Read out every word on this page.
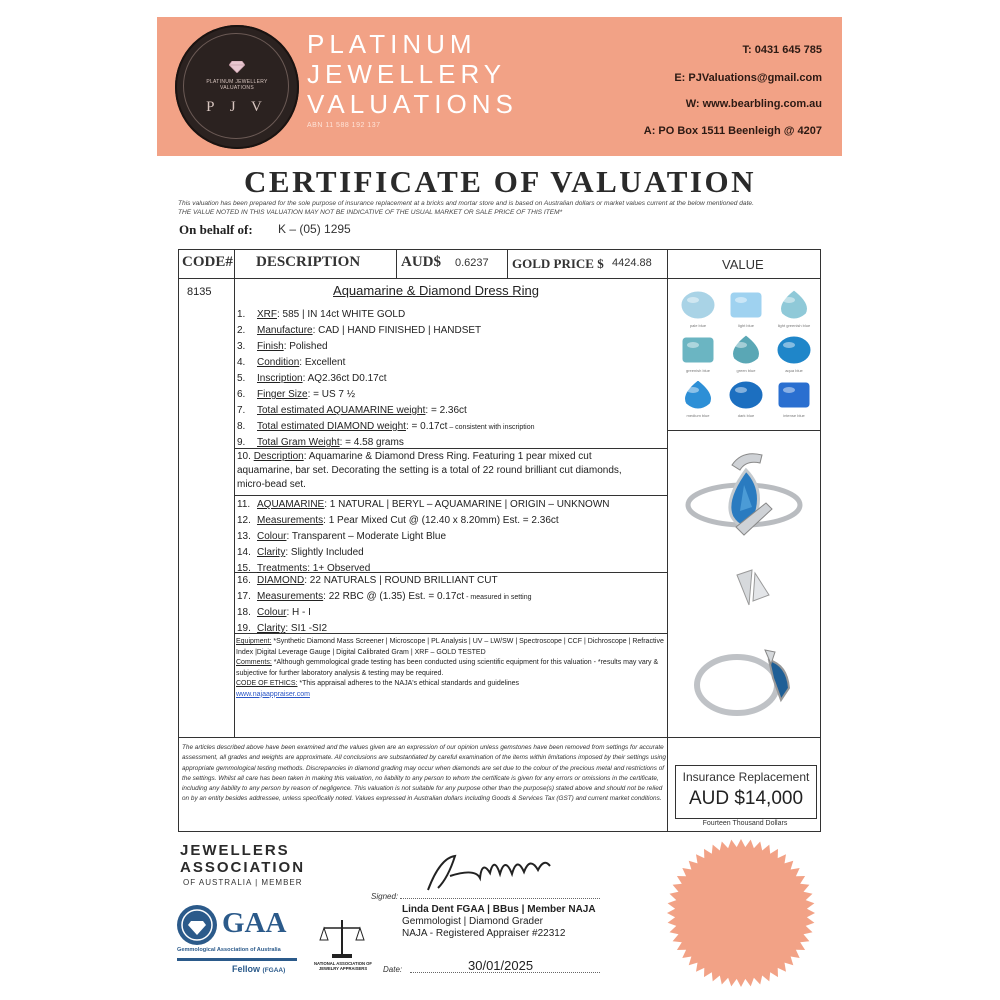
PLATINUM JEWELLERY VALUATIONS
P J V
PLATINUM
JEWELLERY
VALUATIONS
ABN 11 588 192 137
T: 0431 645 785
E: PJValuations@gmail.com
W: www.bearbling.com.au
A: PO Box 1511 Beenleigh @ 4207
CERTIFICATE OF VALUATION
This valuation has been prepared for the sole purpose of insurance replacement at a bricks and mortar store and is based on Australian dollars or market values current at the below mentioned date.
THE VALUE NOTED IN THIS VALUATION MAY NOT BE INDICATIVE OF THE USUAL MARKET OR SALE PRICE OF THIS ITEM*
On behalf of: K – (05) 1295
CODE# DESCRIPTION	AUD$ 0.6237 GOLD PRICE $ 4424.88	VALUE
8135	Aquamarine & Diamond Dress Ring
1. XRF: 585 | IN 14ct WHITE GOLD
2. Manufacture: CAD | HAND FINISHED | HANDSET
3. Finish: Polished
4. Condition: Excellent
5. Inscription: AQ2.36ct D0.17ct
6. Finger Size: = US 7 ½
7. Total estimated AQUAMARINE weight: = 2.36ct
8. Total estimated DIAMOND weight: = 0.17ct – consistent with inscription
9. Total Gram Weight: = 4.58 grams
10. Description: Aquamarine & Diamond Dress Ring. Featuring 1 pear mixed cut aquamarine, bar set. Decorating the setting is a total of 22 round brilliant cut diamonds, micro-bead set.
11. AQUAMARINE: 1 NATURAL | BERYL – AQUAMARINE | ORIGIN – UNKNOWN
12. Measurements: 1 Pear Mixed Cut @ (12.40 x 8.20mm) Est. = 2.36ct
13. Colour: Transparent – Moderate Light Blue
14. Clarity: Slightly Included
15. Treatments: 1+ Observed
16. DIAMOND: 22 NATURALS | ROUND BRILLIANT CUT
17. Measurements: 22 RBC @ (1.35) Est. = 0.17ct - measured in setting
18. Colour: H - I
19. Clarity: SI1 -SI2
Equipment: *Synthetic Diamond Mass Screener | Microscope | PL Analysis | UV – LW/SW | Spectroscope | CCF | Dichroscope | Refractive Index |Digital Leverage Gauge | Digital Calibrated Gram | XRF – GOLD TESTED
Comments: *Although gemmological grade testing has been conducted using scientific equipment for this valuation - *results may vary & subjective for further laboratory analysis & testing may be required.
CODE OF ETHICS: *This appraisal adheres to the NAJA's ethical standards and guidelines
www.najaappraiser.com
pale blue	light blue	light greenish blue
greenish blue	green blue	aqua blue
medium blue	dark blue	intense blue
The articles described above have been examined and the values given are an expression of our opinion unless gemstones have been removed from settings for accurate assessment, all grades and weights are approximate. All conclusions are substantiated by careful examination of the items within limitations imposed by their settings using appropriate gemmological testing methods. Discrepancies in diamond grading may occur when diamonds are set due to the colour of the precious metal and restrictions of the settings. Whilst all care has been taken in making this valuation, no liability to any person to whom the certificate is given for any errors or omissions in the certificate, including any liability to any person by reason of negligence. This valuation is not suitable for any purpose other than the purpose(s) stated above and should not be relied on by an entity besides addressee, unless specifically noted. Values expressed in Australian dollars including Goods & Services Tax (GST) and current market conditions.
Insurance Replacement
AUD $14,000
Fourteen Thousand Dollars
JEWELLERS
ASSOCIATION
OF AUSTRALIA | MEMBER
GAA
Gemmological Association of Australia
Fellow (FGAA)
NATIONAL ASSOCIATION OF JEWELRY APPRAISERS
Signed:
Linda Dent FGAA | BBus | Member NAJA
Gemmologist | Diamond Grader
NAJA - Registered Appraiser #22312
Date:	30/01/2025
